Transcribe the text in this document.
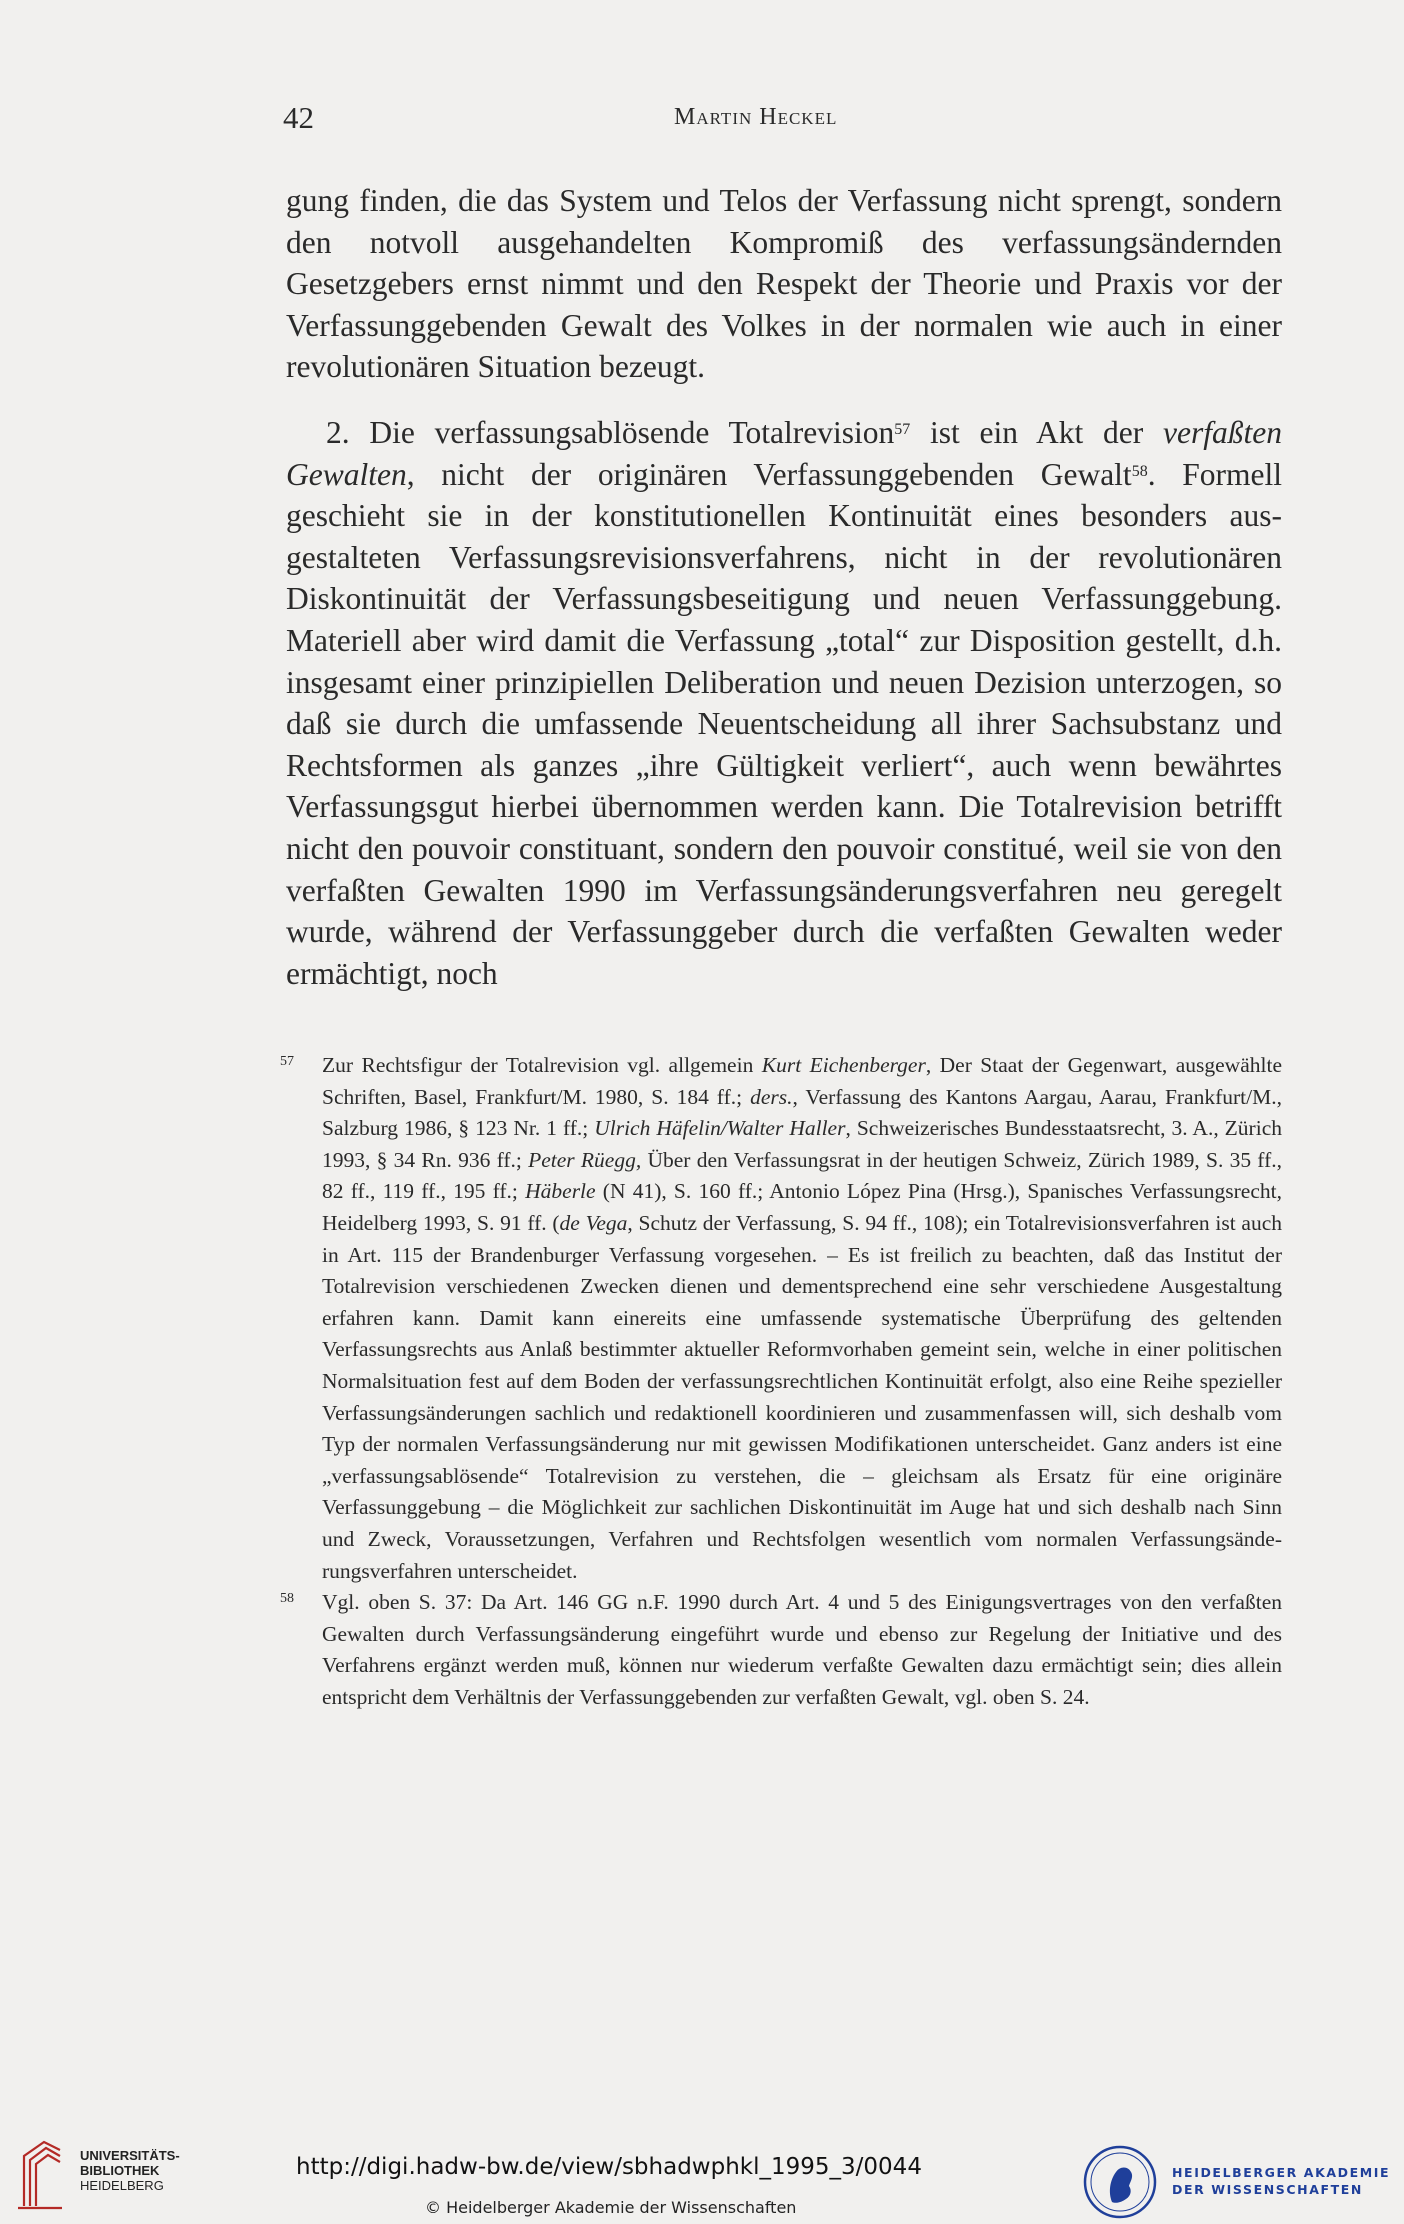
42	Martin Heckel

gung finden, die das System und Telos der Verfassung nicht sprengt, sondern den notvoll ausgehandelten Kompromiß des verfassungsändernden Gesetzgebers ernst nimmt und den Respekt der Theorie und Praxis vor der Verfassunggebenden Gewalt des Volkes in der normalen wie auch in einer revolutionären Situation bezeugt.

2. Die verfassungsablösende Totalrevision$^{57}$ ist ein Akt der verfaßten Gewalten, nicht der originären Verfassunggebenden Gewalt$^{58}$. Formell geschieht sie in der konstitutionellen Kontinuität eines besonders ausgestalteten Verfassungsrevisionsverfahrens, nicht in der revolutionären Diskontinuität der Verfassungsbeseitigung und neuen Verfassunggebung. Materiell aber wird damit die Verfassung „total“ zur Disposition gestellt, d.h. insgesamt einer prinzipiellen Deliberation und neuen Dezision unterzogen, so daß sie durch die umfassende Neuentscheidung all ihrer Sachsubstanz und Rechtsformen als ganzes „ihre Gültigkeit verliert“, auch wenn bewährtes Verfassungsgut hierbei übernommen werden kann. Die Totalrevision betrifft nicht den pouvoir constituant, sondern den pouvoir constitué, weil sie von den verfaßten Gewalten 1990 im Verfassungsänderungsverfahren neu geregelt wurde, während der Verfassunggeber durch die verfaßten Gewalten weder ermächtigt, noch

57 Zur Rechtsfigur der Totalrevision vgl. allgemein Kurt Eichenberger, Der Staat der Gegenwart, ausgewählte Schriften, Basel, Frankfurt/M. 1980, S. 184 ff.; ders., Verfassung des Kantons Aargau, Aarau, Frankfurt/M., Salzburg 1986, § 123 Nr. 1 ff.; Ulrich Häfelin/Walter Haller, Schweizerisches Bundesstaatsrecht, 3. A., Zürich 1993, § 34 Rn. 936 ff.; Peter Rüegg, Über den Verfassungsrat in der heutigen Schweiz, Zürich 1989, S. 35 ff., 82 ff., 119 ff., 195 ff.; Häberle (N 41), S. 160 ff.; Antonio López Pina (Hrsg.), Spanisches Verfassungsrecht, Heidelberg 1993, S. 91 ff. (de Vega, Schutz der Verfassung, S. 94 ff., 108); ein Totalrevisionsverfahren ist auch in Art. 115 der Brandenburger Verfassung vorgesehen. – Es ist freilich zu beachten, daß das Institut der Totalrevision verschiedenen Zwecken dienen und dementsprechend eine sehr verschiedene Ausgestaltung erfahren kann. Damit kann einereits eine umfassende systematische Überprüfung des geltenden Verfassungsrechts aus Anlaß bestimmter aktueller Reformvorhaben gemeint sein, welche in einer politischen Normalsituation fest auf dem Boden der verfassungsrechtlichen Kontinuität erfolgt, also eine Reihe spezieller Verfassungsänderungen sachlich und redaktionell koordinieren und zusammenfassen will, sich deshalb vom Typ der normalen Verfassungsänderung nur mit gewissen Modifikationen unterscheidet. Ganz anders ist eine „verfassungsablösende“ Totalrevision zu verstehen, die – gleichsam als Ersatz für eine originäre Verfassunggebung – die Möglichkeit zur sachlichen Diskontinuität im Auge hat und sich deshalb nach Sinn und Zweck, Voraussetzungen, Verfahren und Rechtsfolgen wesentlich vom normalen Verfassungsänderungsverfahren unterscheidet.
58 Vgl. oben S. 37: Da Art. 146 GG n.F. 1990 durch Art. 4 und 5 des Einigungsvertrages von den verfaßten Gewalten durch Verfassungsänderung eingeführt wurde und ebenso zur Regelung der Initiative und des Verfahrens ergänzt werden muß, können nur wiederum verfaßte Gewalten dazu ermächtigt sein; dies allein entspricht dem Verhältnis der Verfassunggebenden zur verfaßten Gewalt, vgl. oben S. 24.
UNIVERSITÄTS-
BIBLIOTHEK
HEIDELBERG
http://digi.hadw-bw.de/view/sbhadwphkl_1995_3/0044
© Heidelberger Akademie der Wissenschaften
HEIDELBERGER AKADEMIE
DER WISSENSCHAFTEN
